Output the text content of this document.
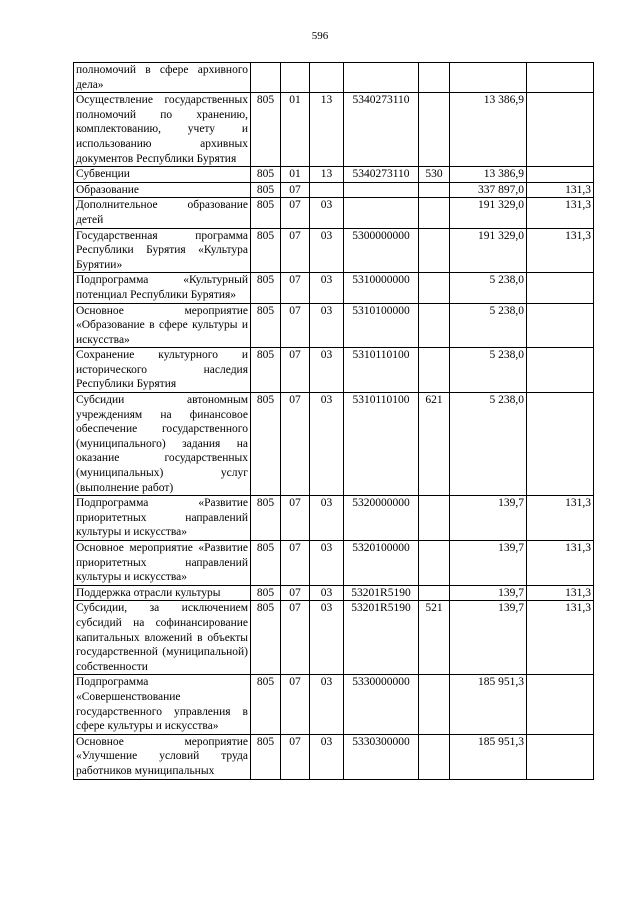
596
полномочий в сфере архивного дела»							
Осуществление государственных полномочий по хранению, комплектованию, учету и использованию архивных документов Республики Бурятия	805	01	13	5340273110		13 386,9	
Субвенции	805	01	13	5340273110	530	13 386,9	
Образование	805	07				337 897,0	131,3
Дополнительное образование детей	805	07	03			191 329,0	131,3
Государственная программа Республики Бурятия «Культура Бурятии»	805	07	03	5300000000		191 329,0	131,3
Подпрограмма «Культурный потенциал Республики Бурятия»	805	07	03	5310000000		5 238,0	
Основное мероприятие «Образование в сфере культуры и искусства»	805	07	03	5310100000		5 238,0	
Сохранение культурного и исторического наследия Республики Бурятия	805	07	03	5310110100		5 238,0	
Субсидии автономным учреждениям на финансовое обеспечение государственного (муниципального) задания на оказание государственных (муниципальных) услуг (выполнение работ)	805	07	03	5310110100	621	5 238,0	
Подпрограмма «Развитие приоритетных направлений культуры и искусства»	805	07	03	5320000000		139,7	131,3
Основное мероприятие «Развитие приоритетных направлений культуры и искусства»	805	07	03	5320100000		139,7	131,3
Поддержка отрасли культуры	805	07	03	53201R5190		139,7	131,3
Субсидии, за исключением субсидий на софинансирование капитальных вложений в объекты государственной (муниципальной) собственности	805	07	03	53201R5190	521	139,7	131,3
Подпрограмма «Совершенствование государственного управления в сфере культуры и искусства»	805	07	03	5330000000		185 951,3	
Основное мероприятие «Улучшение условий труда работников муниципальных	805	07	03	5330300000		185 951,3	
